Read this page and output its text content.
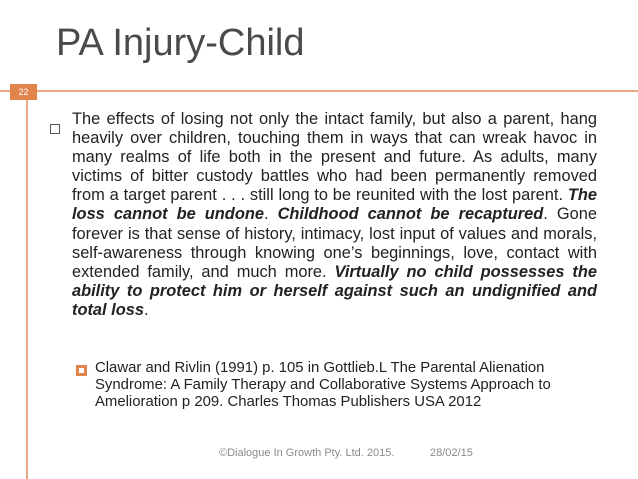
PA Injury-Child
22
The effects of losing not only the intact family, but also a parent, hang heavily over children, touching them in ways that can wreak havoc in many realms of life both in the present and future. As adults, many victims of bitter custody battles who had been permanently removed from a target parent . . . still long to be reunited with the lost parent. The loss cannot be undone. Childhood cannot be recaptured. Gone forever is that sense of history, intimacy, lost input of values and morals, self-awareness through knowing one’s beginnings, love, contact with extended family, and much more. Virtually no child possesses the ability to protect him or herself against such an undignified and total loss.
Clawar and Rivlin (1991) p. 105 in Gottlieb.L The Parental Alienation Syndrome: A Family Therapy and Collaborative Systems Approach to Amelioration p 209. Charles Thomas Publishers USA 2012
©Dialogue In Growth Pty. Ltd. 2015.	28/02/15
